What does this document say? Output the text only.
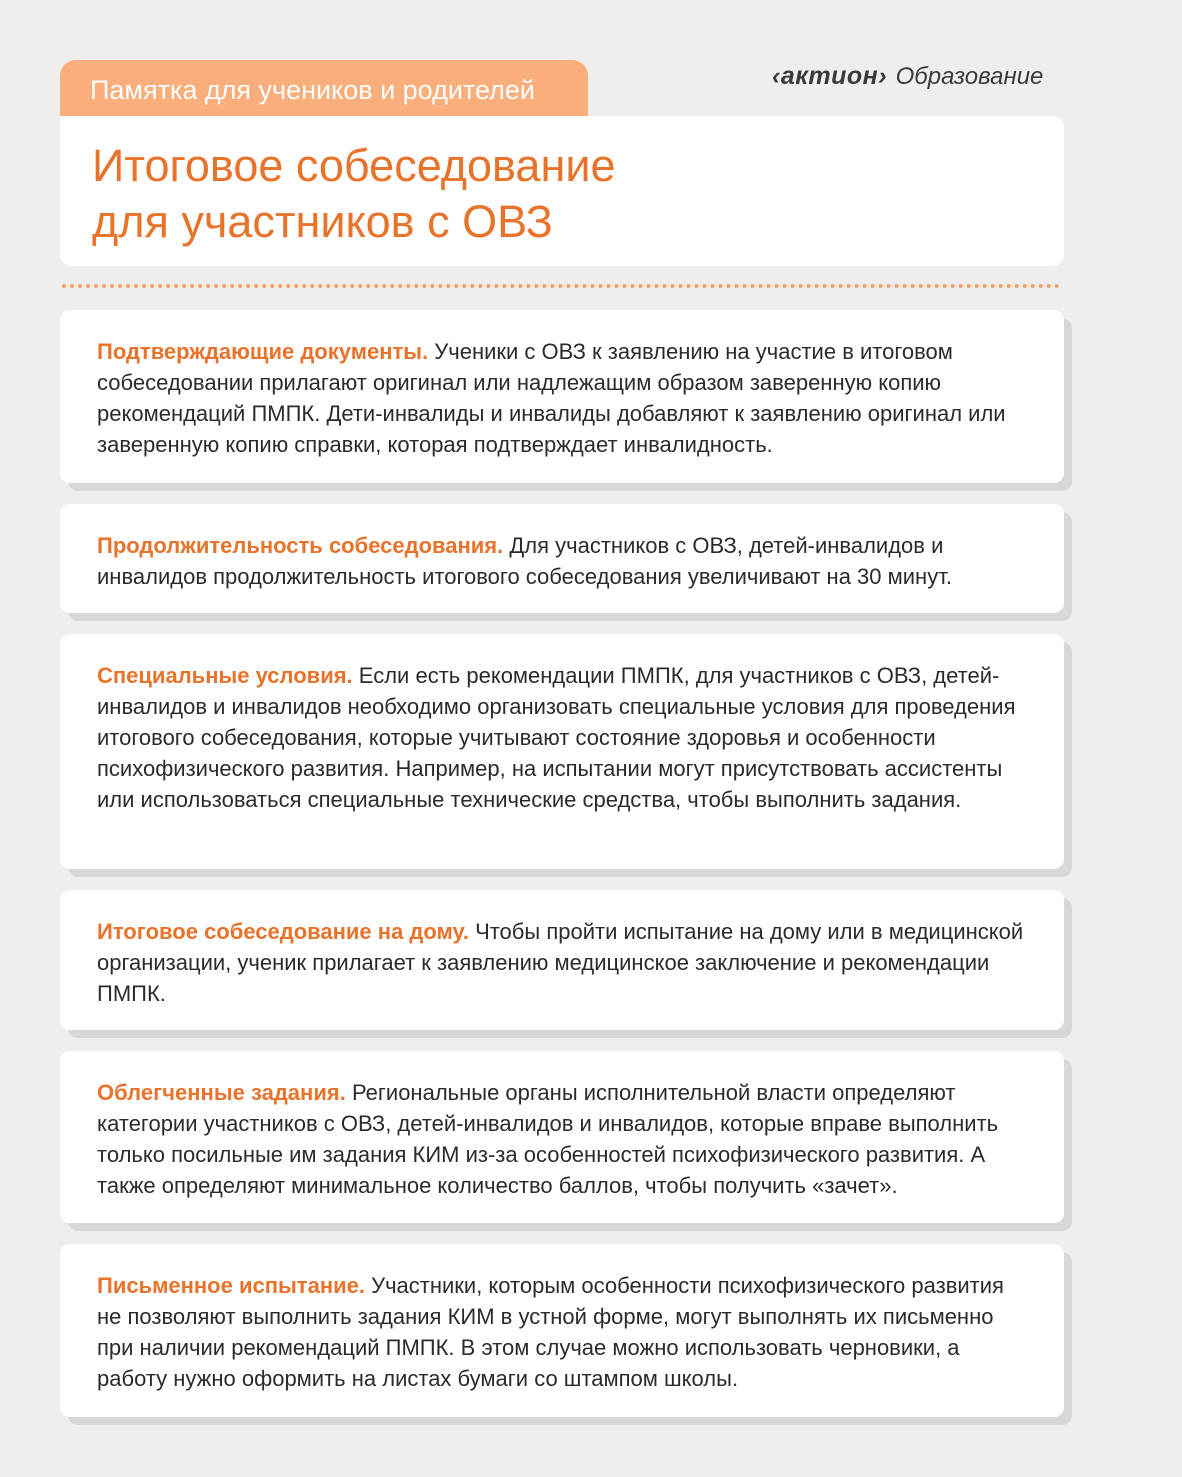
Памятка для учеников и родителей	‹актион› Образование
Итоговое собеседование
для участников с ОВЗ

Подтверждающие документы. Ученики с ОВЗ к заявлению на участие в итоговом собеседовании прилагают оригинал или надлежащим образом заверенную копию рекомендаций ПМПК. Дети-инвалиды и инвалиды добавляют к заявлению оригинал или заверенную копию справки, которая подтверждает инвалидность.

Продолжительность собеседования. Для участников с ОВЗ, детей-инвалидов и инвалидов продолжительность итогового собеседования увеличивают на 30 минут.

Специальные условия. Если есть рекомендации ПМПК, для участников с ОВЗ, детей-инвалидов и инвалидов необходимо организовать специальные условия для проведения итогового собеседования, которые учитывают состояние здоровья и особенности психофизического развития. Например, на испытании могут присутствовать ассистенты или использоваться специальные технические средства, чтобы выполнить задания.

Итоговое собеседование на дому. Чтобы пройти испытание на дому или в медицинской организации, ученик прилагает к заявлению медицинское заключение и рекомендации ПМПК.

Облегченные задания. Региональные органы исполнительной власти определяют категории участников с ОВЗ, детей-инвалидов и инвалидов, которые вправе выполнить только посильные им задания КИМ из-за особенностей психофизического развития. А также определяют минимальное количество баллов, чтобы получить «зачет».

Письменное испытание. Участники, которым особенности психофизического развития не позволяют выполнить задания КИМ в устной форме, могут выполнять их письменно при наличии рекомендаций ПМПК. В этом случае можно использовать черновики, а работу нужно оформить на листах бумаги со штампом школы.
